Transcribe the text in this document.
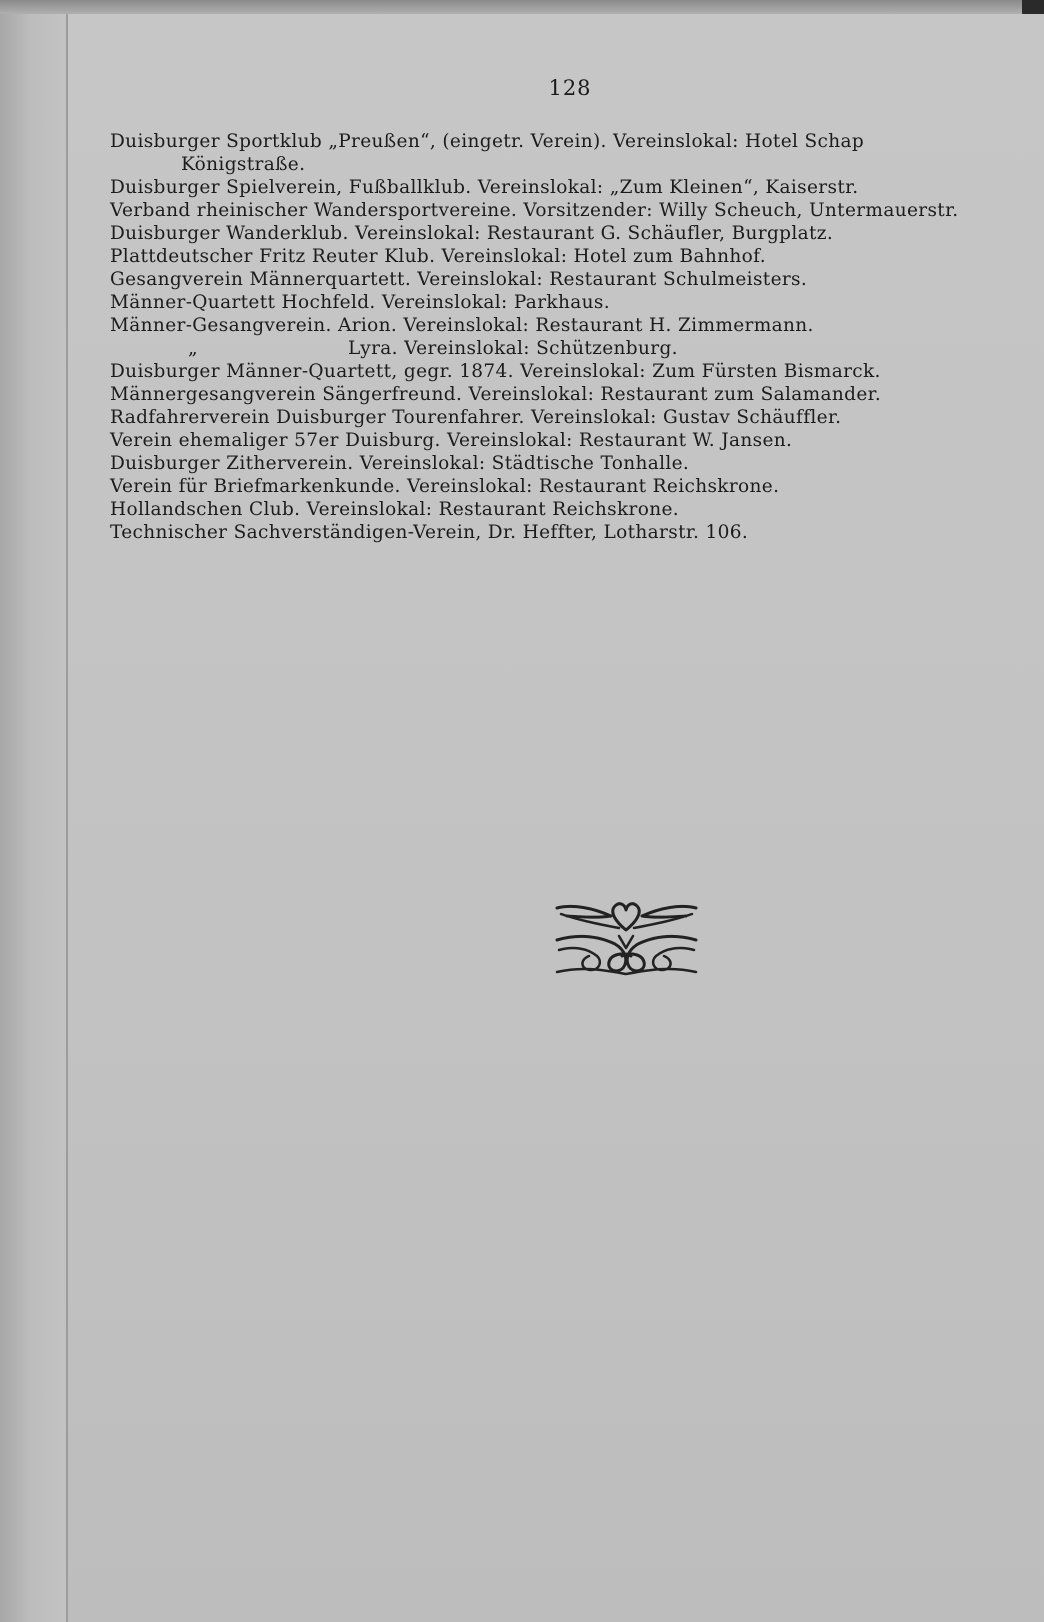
128
Duisburger Sportklub „Preußen“, (eingetr. Verein). Vereinslokal: Hotel Schap
Königstraße.
Duisburger Spielverein, Fußballklub. Vereinslokal: „Zum Kleinen“, Kaiserstr.
Verband rheinischer Wandersportvereine. Vorsitzender: Willy Scheuch, Untermauerstr.
Duisburger Wanderklub. Vereinslokal: Restaurant G. Schäufler, Burgplatz.
Plattdeutscher Fritz Reuter Klub. Vereinslokal: Hotel zum Bahnhof.
Gesangverein Männerquartett. Vereinslokal: Restaurant Schulmeisters.
Männer-Quartett Hochfeld. Vereinslokal: Parkhaus.
Männer-Gesangverein. Arion. Vereinslokal: Restaurant H. Zimmermann.
„	Lyra. Vereinslokal: Schützenburg.
Duisburger Männer-Quartett, gegr. 1874. Vereinslokal: Zum Fürsten Bismarck.
Männergesangverein Sängerfreund. Vereinslokal: Restaurant zum Salamander.
Radfahrerverein Duisburger Tourenfahrer. Vereinslokal: Gustav Schäuffler.
Verein ehemaliger 57er Duisburg. Vereinslokal: Restaurant W. Jansen.
Duisburger Zitherverein. Vereinslokal: Städtische Tonhalle.
Verein für Briefmarkenkunde. Vereinslokal: Restaurant Reichskrone.
Hollandschen Club. Vereinslokal: Restaurant Reichskrone.
Technischer Sachverständigen-Verein, Dr. Heffter, Lotharstr. 106.
